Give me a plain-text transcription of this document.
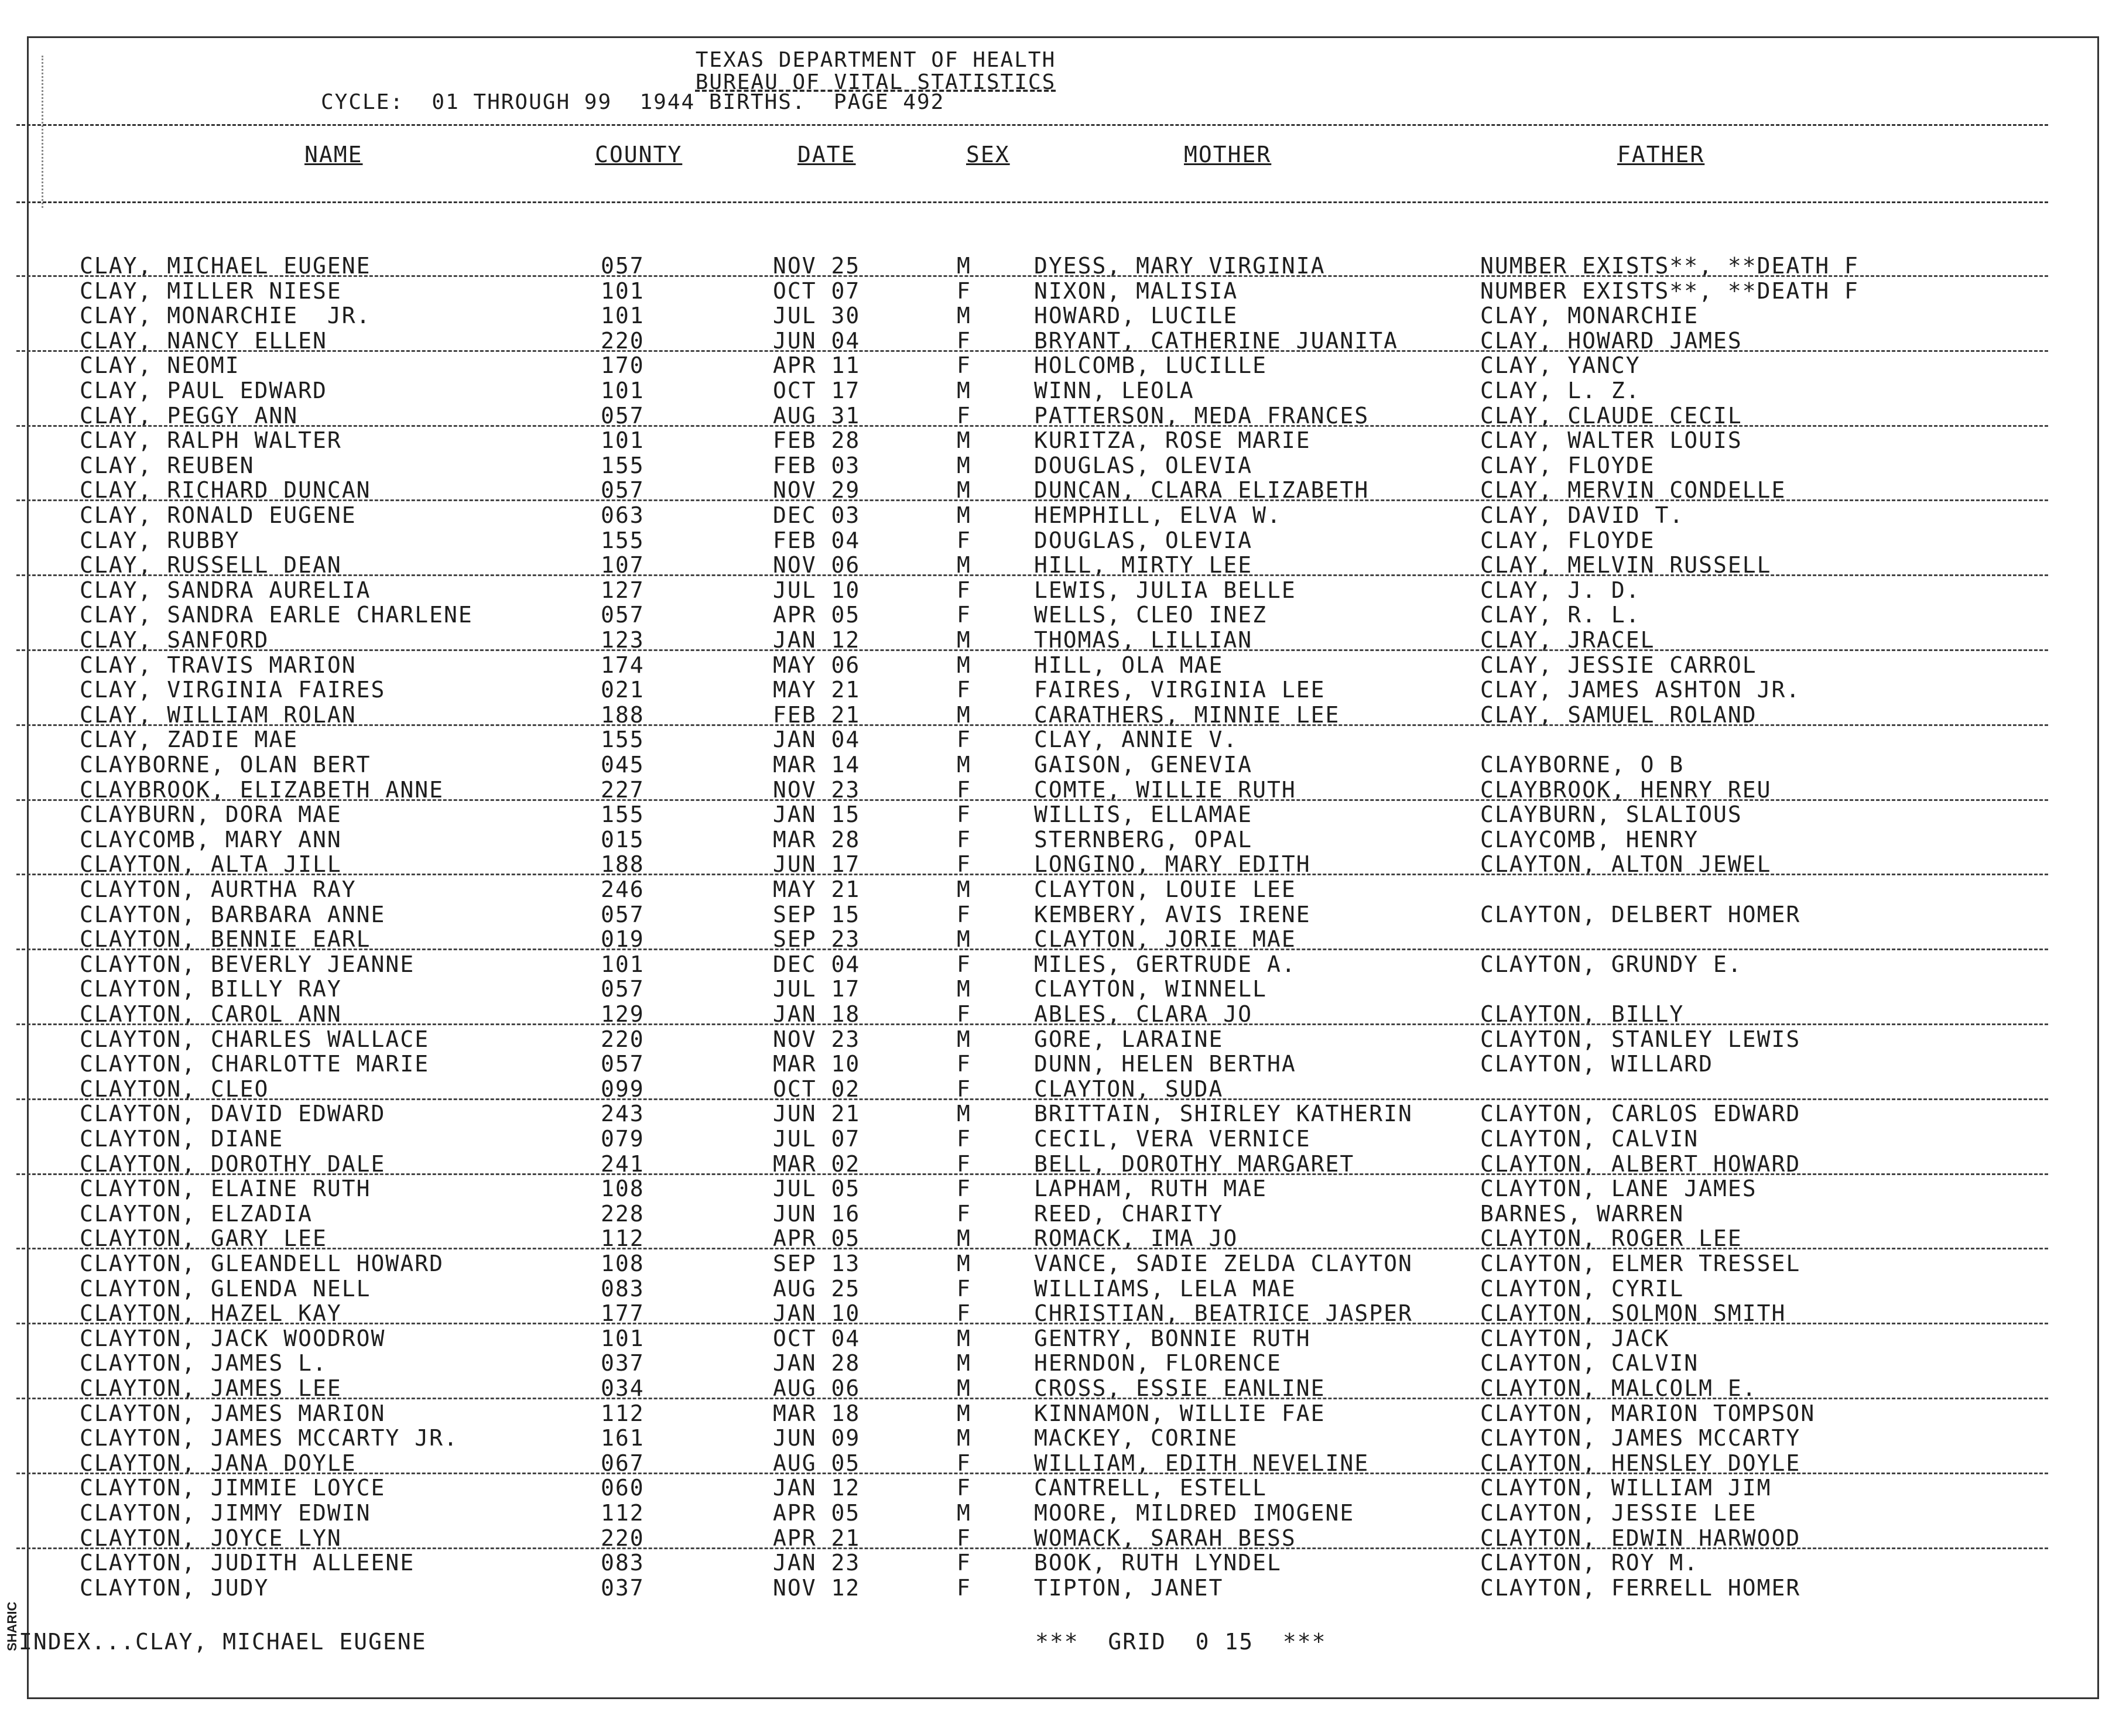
TEXAS DEPARTMENT OF HEALTH
BUREAU OF VITAL STATISTICS
CYCLE:  01 THROUGH 99  1944 BIRTHS.  PAGE 492
NAME	COUNTY	DATE	SEX	MOTHER	FATHER
CLAY, MICHAEL EUGENE	057	NOV 25	M	DYESS, MARY VIRGINIA	NUMBER EXISTS**, **DEATH F
CLAY, MILLER NIESE	101	OCT 07	F	NIXON, MALISIA	NUMBER EXISTS**, **DEATH F
CLAY, MONARCHIE  JR.	101	JUL 30	M	HOWARD, LUCILE	CLAY, MONARCHIE
CLAY, NANCY ELLEN	220	JUN 04	F	BRYANT, CATHERINE JUANITA	CLAY, HOWARD JAMES
CLAY, NEOMI	170	APR 11	F	HOLCOMB, LUCILLE	CLAY, YANCY
CLAY, PAUL EDWARD	101	OCT 17	M	WINN, LEOLA	CLAY, L. Z.
CLAY, PEGGY ANN	057	AUG 31	F	PATTERSON, MEDA FRANCES	CLAY, CLAUDE CECIL
CLAY, RALPH WALTER	101	FEB 28	M	KURITZA, ROSE MARIE	CLAY, WALTER LOUIS
CLAY, REUBEN	155	FEB 03	M	DOUGLAS, OLEVIA	CLAY, FLOYDE
CLAY, RICHARD DUNCAN	057	NOV 29	M	DUNCAN, CLARA ELIZABETH	CLAY, MERVIN CONDELLE
CLAY, RONALD EUGENE	063	DEC 03	M	HEMPHILL, ELVA W.	CLAY, DAVID T.
CLAY, RUBBY	155	FEB 04	F	DOUGLAS, OLEVIA	CLAY, FLOYDE
CLAY, RUSSELL DEAN	107	NOV 06	M	HILL, MIRTY LEE	CLAY, MELVIN RUSSELL
CLAY, SANDRA AURELIA	127	JUL 10	F	LEWIS, JULIA BELLE	CLAY, J. D.
CLAY, SANDRA EARLE CHARLENE	057	APR 05	F	WELLS, CLEO INEZ	CLAY, R. L.
CLAY, SANFORD	123	JAN 12	M	THOMAS, LILLIAN	CLAY, JRACEL
CLAY, TRAVIS MARION	174	MAY 06	M	HILL, OLA MAE	CLAY, JESSIE CARROL
CLAY, VIRGINIA FAIRES	021	MAY 21	F	FAIRES, VIRGINIA LEE	CLAY, JAMES ASHTON JR.
CLAY, WILLIAM ROLAN	188	FEB 21	M	CARATHERS, MINNIE LEE	CLAY, SAMUEL ROLAND
CLAY, ZADIE MAE	155	JAN 04	F	CLAY, ANNIE V.
CLAYBORNE, OLAN BERT	045	MAR 14	M	GAISON, GENEVIA	CLAYBORNE, O B
CLAYBROOK, ELIZABETH ANNE	227	NOV 23	F	COMTE, WILLIE RUTH	CLAYBROOK, HENRY REU
CLAYBURN, DORA MAE	155	JAN 15	F	WILLIS, ELLAMAE	CLAYBURN, SLALIOUS
CLAYCOMB, MARY ANN	015	MAR 28	F	STERNBERG, OPAL	CLAYCOMB, HENRY
CLAYTON, ALTA JILL	188	JUN 17	F	LONGINO, MARY EDITH	CLAYTON, ALTON JEWEL
CLAYTON, AURTHA RAY	246	MAY 21	M	CLAYTON, LOUIE LEE
CLAYTON, BARBARA ANNE	057	SEP 15	F	KEMBERY, AVIS IRENE	CLAYTON, DELBERT HOMER
CLAYTON, BENNIE EARL	019	SEP 23	M	CLAYTON, JORIE MAE
CLAYTON, BEVERLY JEANNE	101	DEC 04	F	MILES, GERTRUDE A.	CLAYTON, GRUNDY E.
CLAYTON, BILLY RAY	057	JUL 17	M	CLAYTON, WINNELL
CLAYTON, CAROL ANN	129	JAN 18	F	ABLES, CLARA JO	CLAYTON, BILLY
CLAYTON, CHARLES WALLACE	220	NOV 23	M	GORE, LARAINE	CLAYTON, STANLEY LEWIS
CLAYTON, CHARLOTTE MARIE	057	MAR 10	F	DUNN, HELEN BERTHA	CLAYTON, WILLARD
CLAYTON, CLEO	099	OCT 02	F	CLAYTON, SUDA
CLAYTON, DAVID EDWARD	243	JUN 21	M	BRITTAIN, SHIRLEY KATHERIN	CLAYTON, CARLOS EDWARD
CLAYTON, DIANE	079	JUL 07	F	CECIL, VERA VERNICE	CLAYTON, CALVIN
CLAYTON, DOROTHY DALE	241	MAR 02	F	BELL, DOROTHY MARGARET	CLAYTON, ALBERT HOWARD
CLAYTON, ELAINE RUTH	108	JUL 05	F	LAPHAM, RUTH MAE	CLAYTON, LANE JAMES
CLAYTON, ELZADIA	228	JUN 16	F	REED, CHARITY	BARNES, WARREN
CLAYTON, GARY LEE	112	APR 05	M	ROMACK, IMA JO	CLAYTON, ROGER LEE
CLAYTON, GLEANDELL HOWARD	108	SEP 13	M	VANCE, SADIE ZELDA CLAYTON	CLAYTON, ELMER TRESSEL
CLAYTON, GLENDA NELL	083	AUG 25	F	WILLIAMS, LELA MAE	CLAYTON, CYRIL
CLAYTON, HAZEL KAY	177	JAN 10	F	CHRISTIAN, BEATRICE JASPER	CLAYTON, SOLMON SMITH
CLAYTON, JACK WOODROW	101	OCT 04	M	GENTRY, BONNIE RUTH	CLAYTON, JACK
CLAYTON, JAMES L.	037	JAN 28	M	HERNDON, FLORENCE	CLAYTON, CALVIN
CLAYTON, JAMES LEE	034	AUG 06	M	CROSS, ESSIE EANLINE	CLAYTON, MALCOLM E.
CLAYTON, JAMES MARION	112	MAR 18	M	KINNAMON, WILLIE FAE	CLAYTON, MARION TOMPSON
CLAYTON, JAMES MCCARTY JR.	161	JUN 09	M	MACKEY, CORINE	CLAYTON, JAMES MCCARTY
CLAYTON, JANA DOYLE	067	AUG 05	F	WILLIAM, EDITH NEVELINE	CLAYTON, HENSLEY DOYLE
CLAYTON, JIMMIE LOYCE	060	JAN 12	F	CANTRELL, ESTELL	CLAYTON, WILLIAM JIM
CLAYTON, JIMMY EDWIN	112	APR 05	M	MOORE, MILDRED IMOGENE	CLAYTON, JESSIE LEE
CLAYTON, JOYCE LYN	220	APR 21	F	WOMACK, SARAH BESS	CLAYTON, EDWIN HARWOOD
CLAYTON, JUDITH ALLEENE	083	JAN 23	F	BOOK, RUTH LYNDEL	CLAYTON, ROY M.
CLAYTON, JUDY	037	NOV 12	F	TIPTON, JANET	CLAYTON, FERRELL HOMER
INDEX...CLAY, MICHAEL EUGENE	***  GRID  0 15  ***
SHARIC
